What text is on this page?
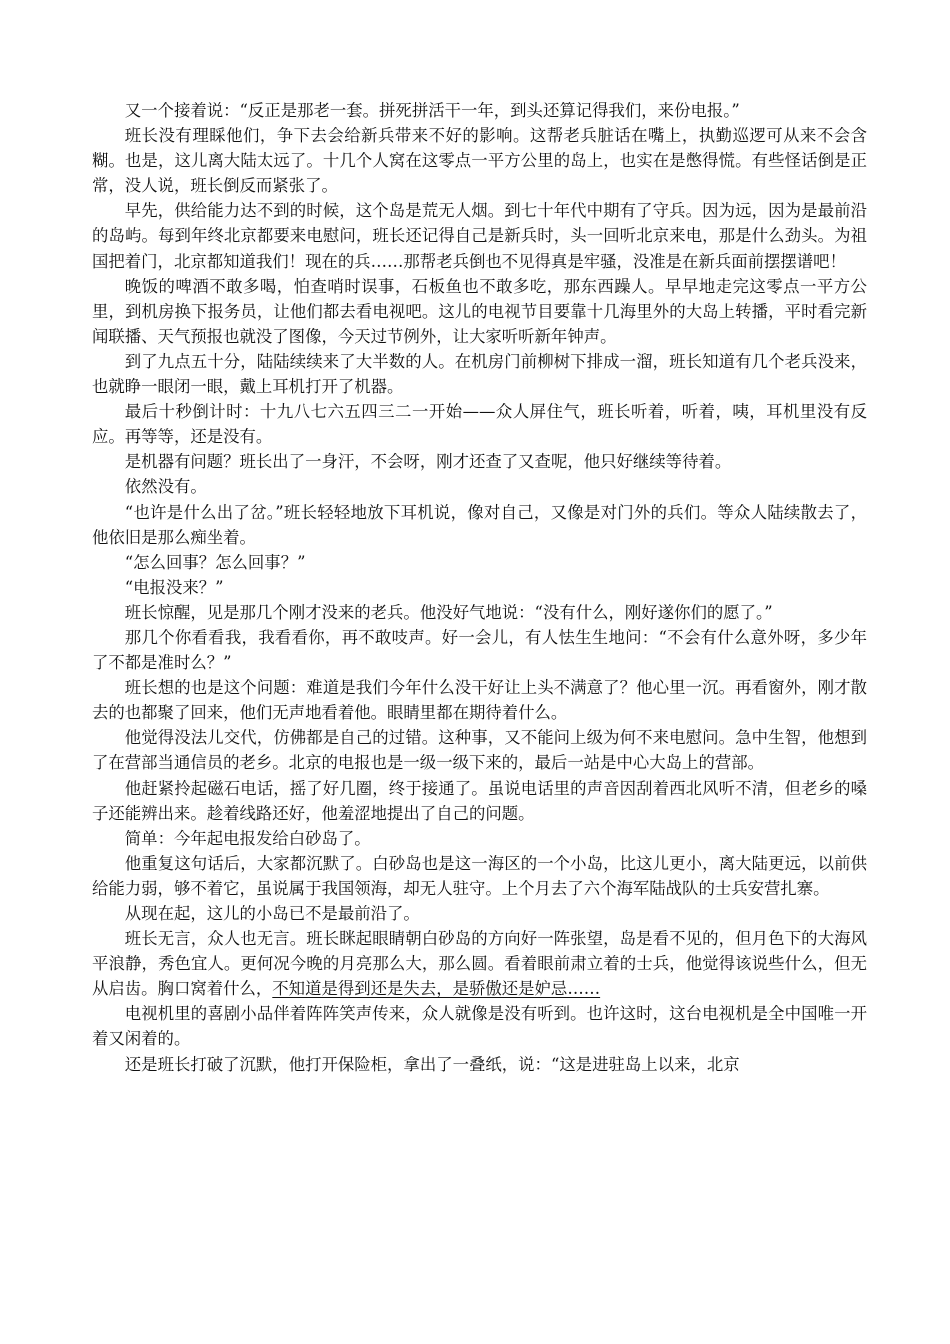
又一个接着说：“反正是那老一套。拼死拼活干一年，到头还算记得我们，来份电报。”

班长没有理睬他们，争下去会给新兵带来不好的影响。这帮老兵脏话在嘴上，执勤巡逻可从来不会含糊。也是，这儿离大陆太远了。十几个人窝在这零点一平方公里的岛上，也实在是憋得慌。有些怪话倒是正常，没人说，班长倒反而紧张了。

早先，供给能力达不到的时候，这个岛是荒无人烟。到七十年代中期有了守兵。因为远，因为是最前沿的岛屿。每到年终北京都要来电慰问，班长还记得自己是新兵时，头一回听北京来电，那是什么劲头。为祖国把着门，北京都知道我们！现在的兵……那帮老兵倒也不见得真是牢骚，没准是在新兵面前摆摆谱吧！

晚饭的啤酒不敢多喝，怕查哨时误事，石板鱼也不敢多吃，那东西躁人。早早地走完这零点一平方公里，到机房换下报务员，让他们都去看电视吧。这儿的电视节目要靠十几海里外的大岛上转播，平时看完新闻联播、天气预报也就没了图像，今天过节例外，让大家听听新年钟声。

到了九点五十分，陆陆续续来了大半数的人。在机房门前柳树下排成一溜，班长知道有几个老兵没来，也就睁一眼闭一眼，戴上耳机打开了机器。

最后十秒倒计时：十九八七六五四三二一开始——众人屏住气，班长听着，听着，咦，耳机里没有反应。再等等，还是没有。

是机器有问题？班长出了一身汗，不会呀，刚才还查了又查呢，他只好继续等待着。

依然没有。

“也许是什么出了岔。”班长轻轻地放下耳机说，像对自己，又像是对门外的兵们。等众人陆续散去了，他依旧是那么痴坐着。

“怎么回事？怎么回事？”

“电报没来？”

班长惊醒，见是那几个刚才没来的老兵。他没好气地说：“没有什么，刚好遂你们的愿了。”

那几个你看看我，我看看你，再不敢吱声。好一会儿，有人怯生生地问：“不会有什么意外呀，多少年了不都是准时么？”

班长想的也是这个问题：难道是我们今年什么没干好让上头不满意了？他心里一沉。再看窗外，刚才散去的也都聚了回来，他们无声地看着他。眼睛里都在期待着什么。

他觉得没法儿交代，仿佛都是自己的过错。这种事，又不能问上级为何不来电慰问。急中生智，他想到了在营部当通信员的老乡。北京的电报也是一级一级下来的，最后一站是中心大岛上的营部。

他赶紧拎起磁石电话，摇了好几圈，终于接通了。虽说电话里的声音因刮着西北风听不清，但老乡的嗓子还能辨出来。趁着线路还好，他羞涩地提出了自己的问题。

简单：今年起电报发给白砂岛了。

他重复这句话后，大家都沉默了。白砂岛也是这一海区的一个小岛，比这儿更小，离大陆更远，以前供给能力弱，够不着它，虽说属于我国领海，却无人驻守。上个月去了六个海军陆战队的士兵安营扎寨。

从现在起，这儿的小岛已不是最前沿了。

班长无言，众人也无言。班长眯起眼睛朝白砂岛的方向好一阵张望，岛是看不见的，但月色下的大海风平浪静，秀色宜人。更何况今晚的月亮那么大，那么圆。看着眼前肃立着的士兵，他觉得该说些什么，但无从启齿。胸口窝着什么，不知道是得到还是失去，是骄傲还是妒忌……

电视机里的喜剧小品伴着阵阵笑声传来，众人就像是没有听到。也许这时，这台电视机是全中国唯一开着又闲着的。

还是班长打破了沉默，他打开保险柜，拿出了一叠纸，说：“这是进驻岛上以来，北京
